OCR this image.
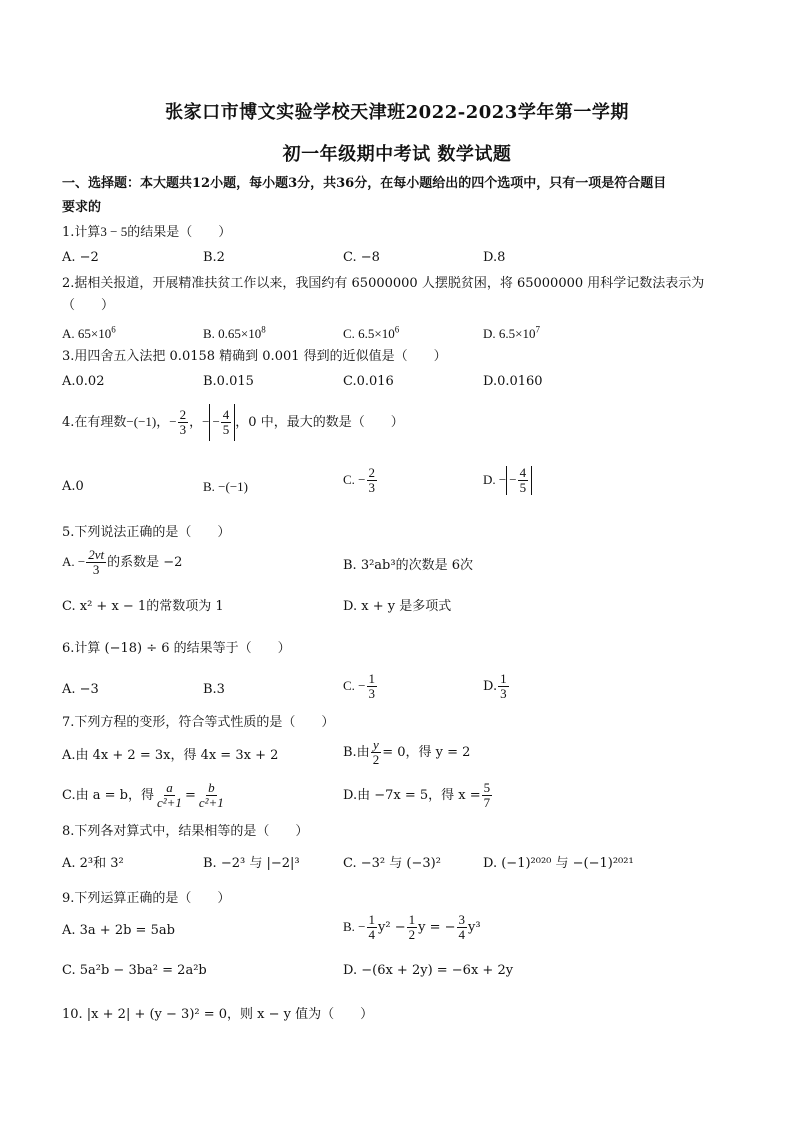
张家口市博文实验学校天津班2022-2023学年第一学期
初一年级期中考试 数学试题
一、选择题：本大题共12小题，每小题3分，共36分，在每小题给出的四个选项中，只有一项是符合题目
要求的
1.计算3 − 5的结果是（　　）
A. −2	B.2	C. −8	D.8
2.据相关报道，开展精准扶贫工作以来，我国约有 65000000 人摆脱贫困，将 65000000 用科学记数法表示为
（　　）
A. $65\times 10^6$	B. $0.65\times 10^8$	C. $6.5\times 10^6$	D. $6.5\times 10^7$
3.用四舍五入法把 0.0158 精确到 0.001 得到的近似值是（　　）
A.0.02	B.0.015	C.0.016	D.0.0160
4.在有理数−(−1)，− $\frac{2}{3}$ ，− − $\frac{4}{5}$ ，0 中，最大的数是（　　）
A.0	B. −(−1)	C. − $\frac{2}{3}$	D. − − $\frac{4}{5}$
5.下列说法正确的是（　　）
A. − $\frac{2vt}{3}$ 的系数是 −2	B. 3²ab³的次数是 6次
C. x² + x − 1的常数项为 1	D. x + y 是多项式
6.计算 (−18) ÷ 6 的结果等于（　　）
A. −3	B.3	C. − $\frac{1}{3}$	D. $\frac{1}{3}$
7.下列方程的变形，符合等式性质的是（　　）
A.由 4x + 2 = 3x，得 4x = 3x + 2	B.由 $\frac{y}{2} = 0$，得 y = 2
C.由 a = b，得 $\frac{a}{\text{c²+1}} = \frac{b}{\text{c²+1}}$	D.由 −7x = 5，得 $x = \frac{5}{7}$
8.下列各对算式中，结果相等的是（　　）
A. 2³和 3²	B. −2³ 与 |−2|³	C. −3² 与 (−3)²	D. (−1)²⁰²⁰ 与 −(−1)²⁰²¹
9.下列运算正确的是（　　）
A. 3a + 2b = 5ab	B. − $\frac{1}{4} y^2 - \frac{1}{2}$ y = − $\frac{3}{4} y^3$
C. 5a²b − 3ba² = 2a²b	D. −(6x + 2y) = −6x + 2y
10. |x + 2| + (y − 3)² = 0，则 x − y 值为（　　）
